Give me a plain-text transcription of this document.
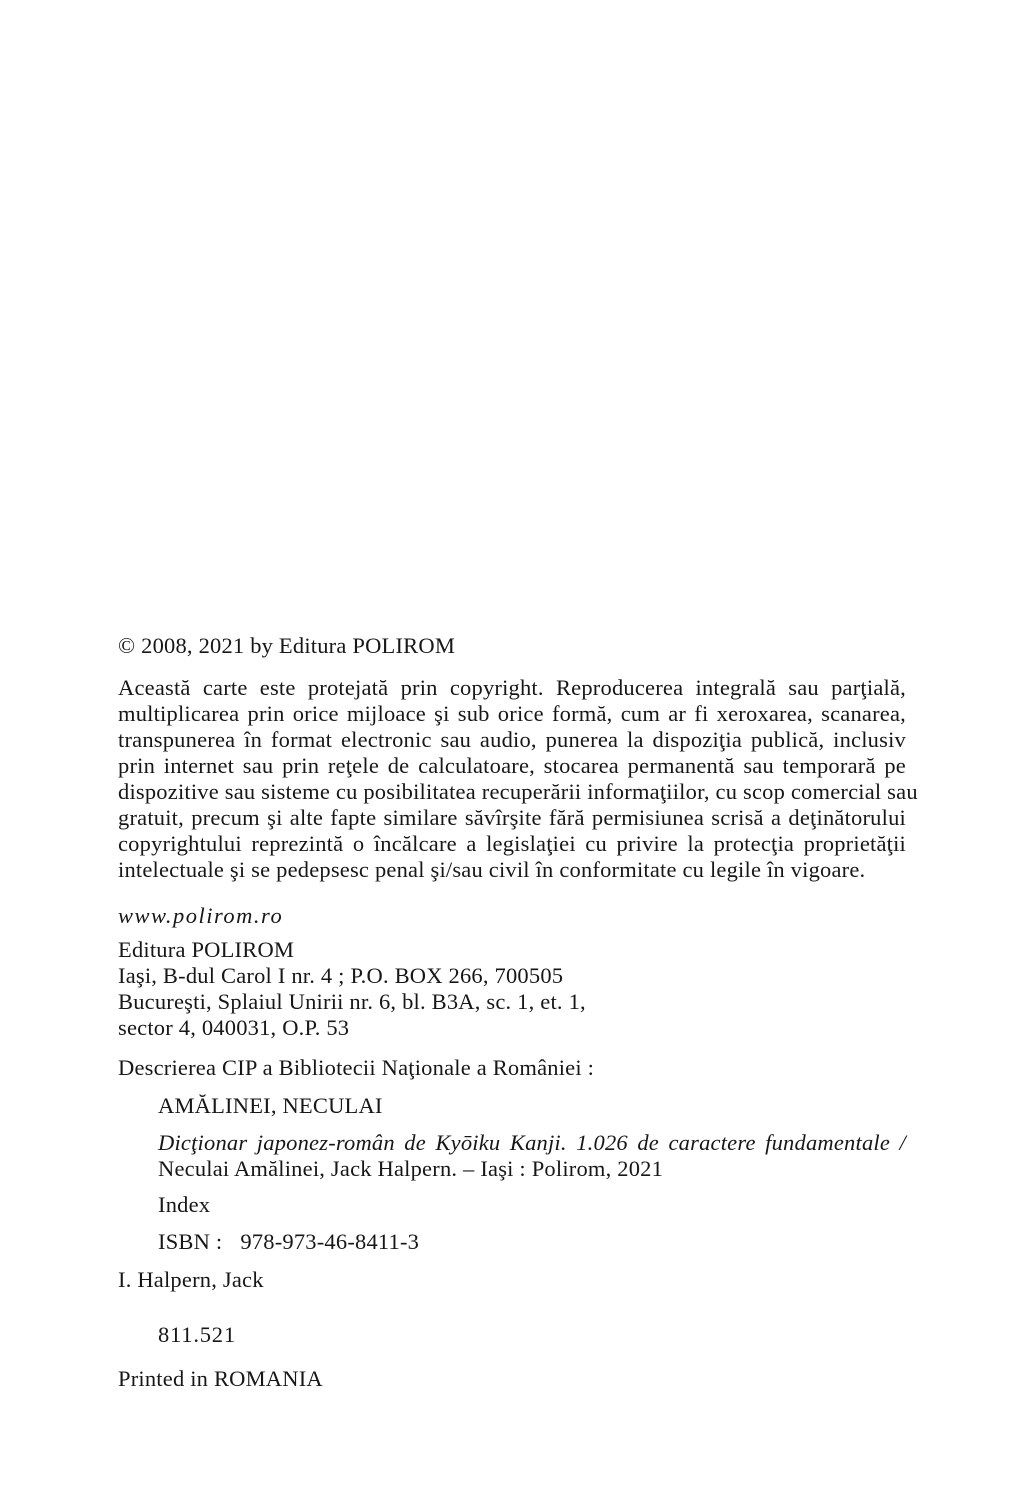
© 2008, 2021 by Editura POLIROM
Această carte este protejată prin copyright. Reproducerea integrală sau parţială,
multiplicarea prin orice mijloace şi sub orice formă, cum ar fi xeroxarea, scanarea,
transpunerea în format electronic sau audio, punerea la dispoziţia publică, inclusiv
prin internet sau prin reţele de calculatoare, stocarea permanentă sau temporară pe
dispozitive sau sisteme cu posibilitatea recuperării informaţiilor, cu scop comercial sau
gratuit, precum şi alte fapte similare săvîrşite fără permisiunea scrisă a deţinătorului
copyrightului reprezintă o încălcare a legislaţiei cu privire la protecţia proprietăţii
intelectuale şi se pedepsesc penal şi/sau civil în conformitate cu legile în vigoare.
www.polirom.ro
Editura POLIROM
Iaşi, B-dul Carol I nr. 4 ; P.O. BOX 266, 700505
Bucureşti, Splaiul Unirii nr. 6, bl. B3A, sc. 1, et. 1,
sector 4, 040031, O.P. 53
Descrierea CIP a Bibliotecii Naţionale a României :
AMĂLINEI, NECULAI
Dicţionar japonez-român de Kyōiku Kanji. 1.026 de caractere fundamentale /
Neculai Amălinei, Jack Halpern. – Iaşi : Polirom, 2021
Index
ISBN : 978-973-46-8411-3
I. Halpern, Jack
811.521
Printed in ROMANIA
